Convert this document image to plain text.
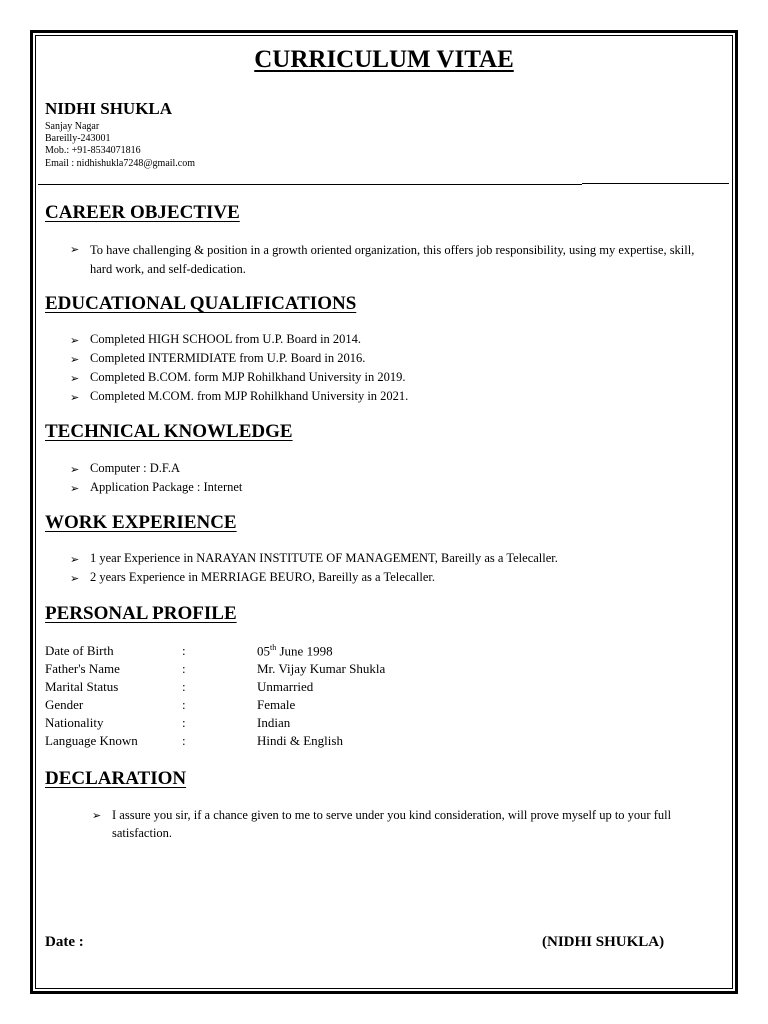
CURRICULUM VITAE
NIDHI SHUKLA
Sanjay Nagar
Bareilly-243001
Mob.: +91-8534071816
Email : nidhishukla7248@gmail.com
CAREER OBJECTIVE
➢ To have challenging & position in a growth oriented organization, this offers job responsibility, using my expertise, skill, hard work, and self-dedication.
EDUCATIONAL QUALIFICATIONS
➢ Completed HIGH SCHOOL from U.P. Board in 2014.
➢ Completed INTERMIDIATE from U.P. Board in 2016.
➢ Completed B.COM. form MJP Rohilkhand University in 2019.
➢ Completed M.COM. from MJP Rohilkhand University in 2021.
TECHNICAL KNOWLEDGE
➢ Computer : D.F.A
➢ Application Package : Internet
WORK EXPERIENCE
➢ 1 year Experience in NARAYAN INSTITUTE OF MANAGEMENT, Bareilly as a Telecaller.
➢ 2 years Experience in MERRIAGE BEURO, Bareilly as a Telecaller.
PERSONAL PROFILE
Date of Birth	:	05th June 1998
Father's Name	:	Mr. Vijay Kumar Shukla
Marital Status	:	Unmarried
Gender	:	Female
Nationality	:	Indian
Language Known	:	Hindi & English
DECLARATION
➢ I assure you sir, if a chance given to me to serve under you kind consideration, will prove myself up to your full satisfaction.
Date :	(NIDHI SHUKLA)
